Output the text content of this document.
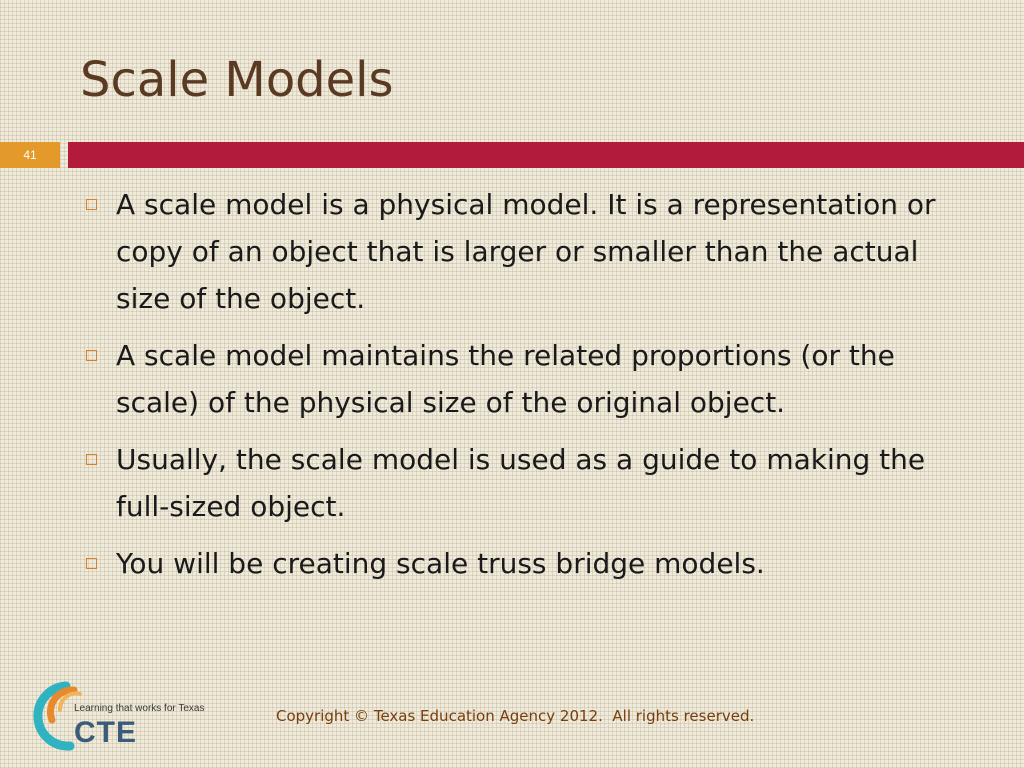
Scale Models
41
A scale model is a physical model. It is a representation or copy of an object that is larger or smaller than the actual size of the object.
A scale model maintains the related proportions (or the scale) of the physical size of the original object.
Usually, the scale model is used as a guide to making the full-sized object.
You will be creating scale truss bridge models.
Learning that works for Texas
CTE	Copyright © Texas Education Agency 2012.  All rights reserved.
